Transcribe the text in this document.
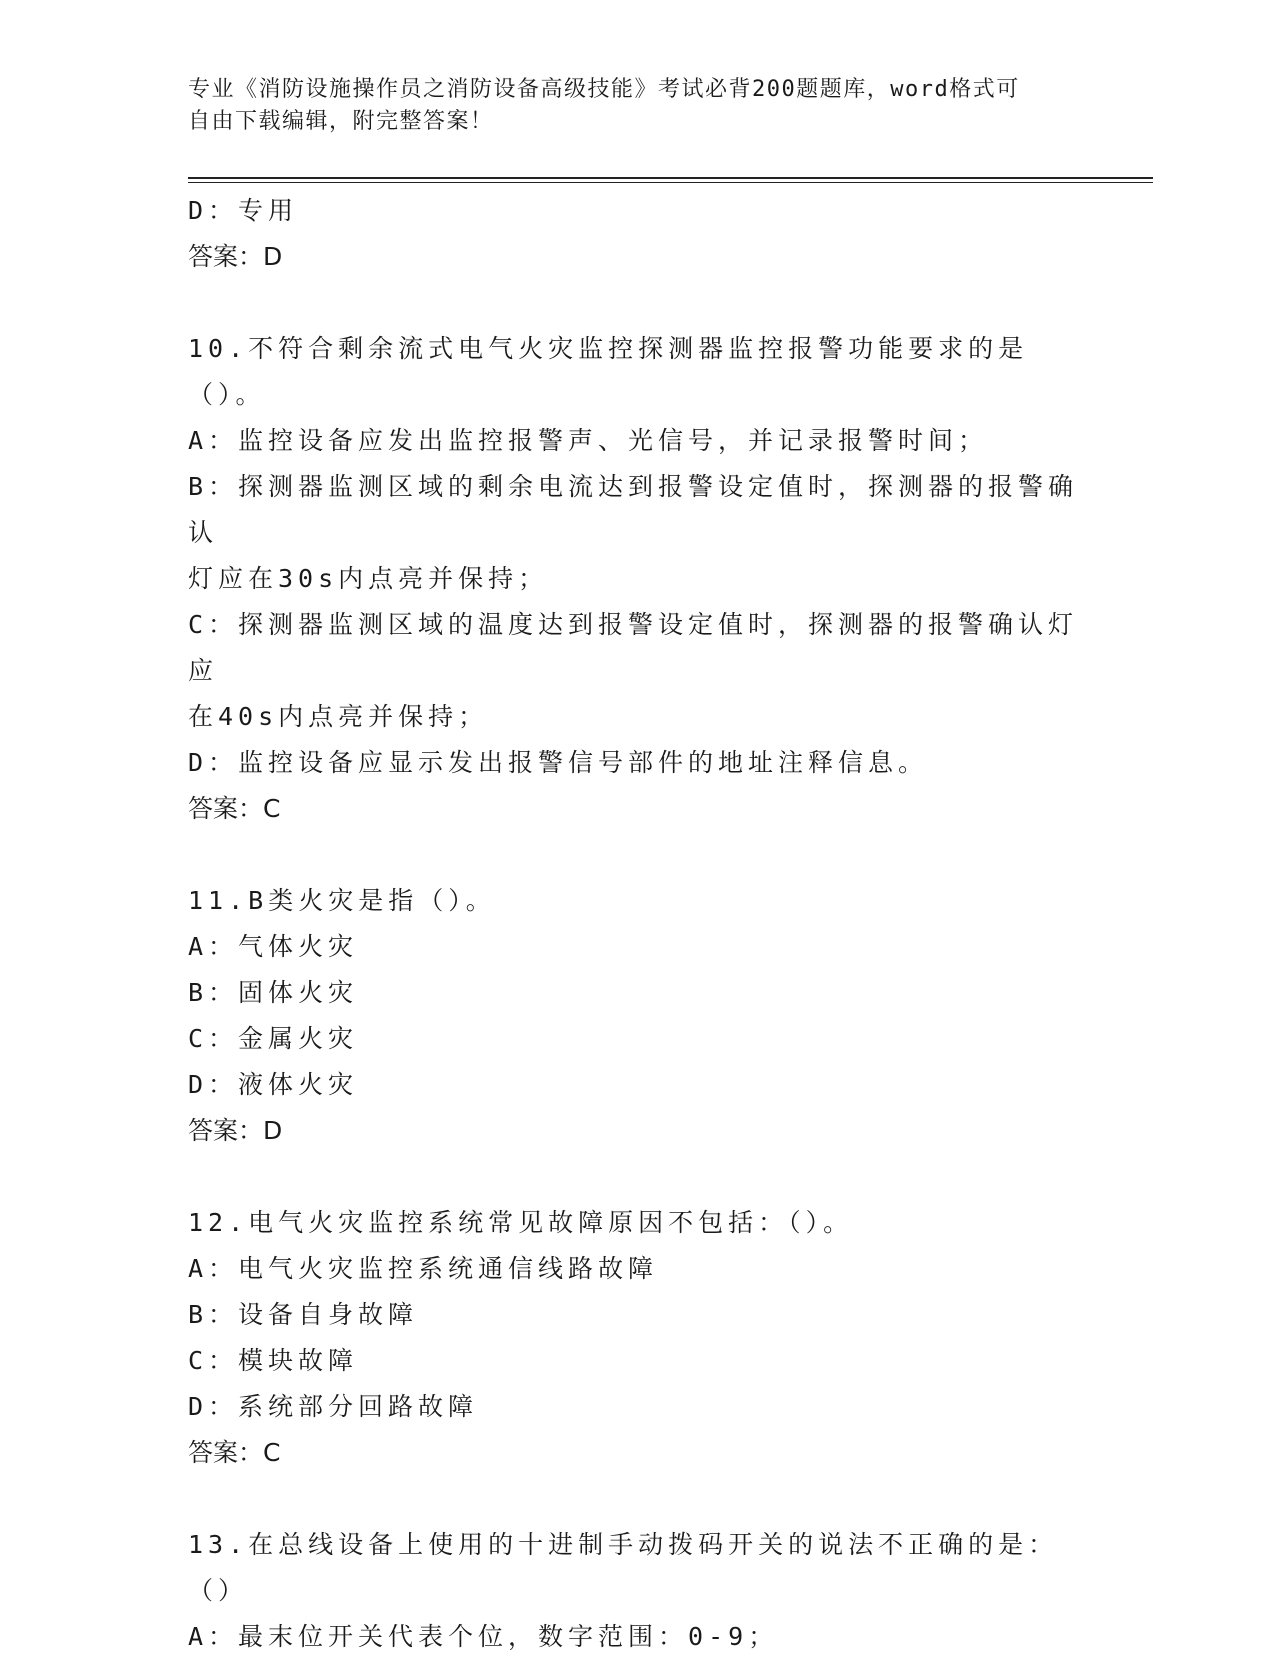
专业《消防设施操作员之消防设备高级技能》考试必背200题题库，word格式可
自由下载编辑，附完整答案！
D：专用
答案：D
10.不符合剩余流式电气火灾监控探测器监控报警功能要求的是（）。
A：监控设备应发出监控报警声、光信号，并记录报警时间；
B：探测器监测区域的剩余电流达到报警设定值时，探测器的报警确认
灯应在30s内点亮并保持；
C：探测器监测区域的温度达到报警设定值时，探测器的报警确认灯应
在40s内点亮并保持；
D：监控设备应显示发出报警信号部件的地址注释信息。
答案：C
11.B类火灾是指（）。
A：气体火灾
B：固体火灾
C：金属火灾
D：液体火灾
答案：D
12.电气火灾监控系统常见故障原因不包括：（）。
A：电气火灾监控系统通信线路故障
B：设备自身故障
C：模块故障
D：系统部分回路故障
答案：C
13.在总线设备上使用的十进制手动拨码开关的说法不正确的是：（）
A：最末位开关代表个位，数字范围：0-9；
